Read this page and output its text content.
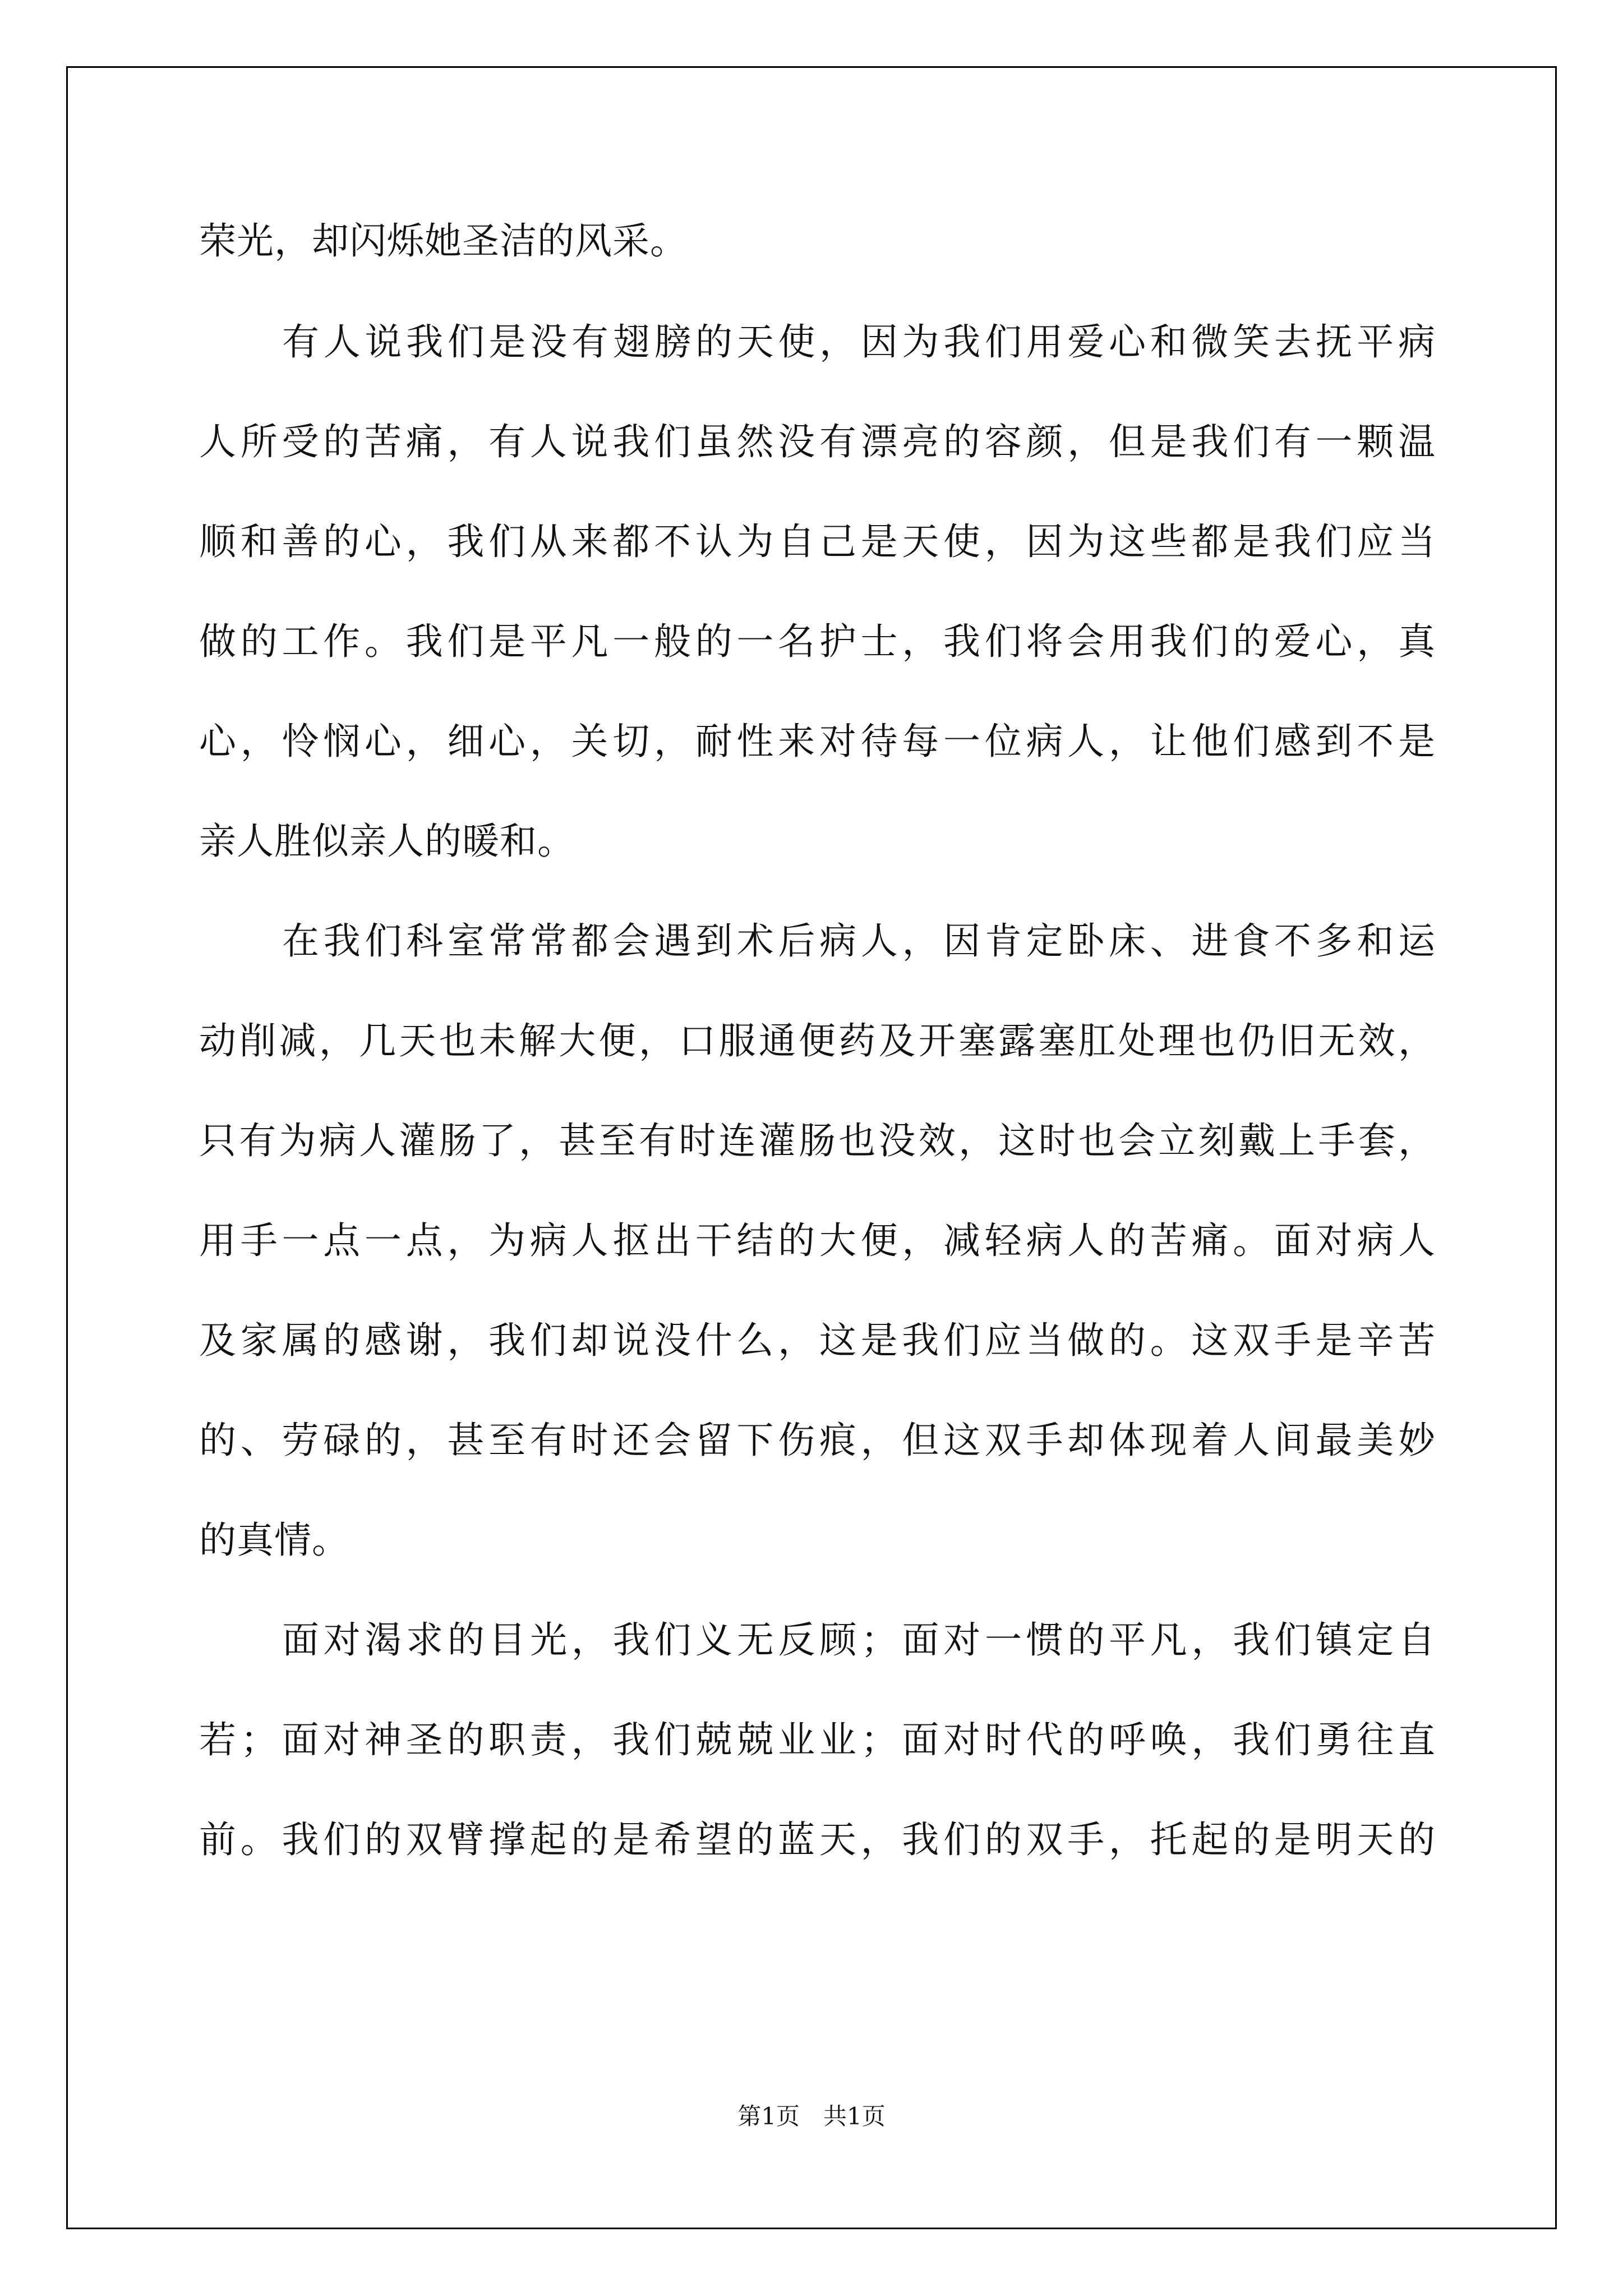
荣光，却闪烁她圣洁的风采。
有人说我们是没有翅膀的天使，因为我们用爱心和微笑去抚平病
人所受的苦痛，有人说我们虽然没有漂亮的容颜，但是我们有一颗温
顺和善的心，我们从来都不认为自己是天使，因为这些都是我们应当
做的工作。我们是平凡一般的一名护士，我们将会用我们的爱心，真
心，怜悯心，细心，关切，耐性来对待每一位病人，让他们感到不是
亲人胜似亲人的暖和。
在我们科室常常都会遇到术后病人，因肯定卧床、进食不多和运
动削减，几天也未解大便，口服通便药及开塞露塞肛处理也仍旧无效，
只有为病人灌肠了，甚至有时连灌肠也没效，这时也会立刻戴上手套，
用手一点一点，为病人抠出干结的大便，减轻病人的苦痛。面对病人
及家属的感谢，我们却说没什么，这是我们应当做的。这双手是辛苦
的、劳碌的，甚至有时还会留下伤痕，但这双手却体现着人间最美妙
的真情。
面对渴求的目光，我们义无反顾；面对一惯的平凡，我们镇定自
若；面对神圣的职责，我们兢兢业业；面对时代的呼唤，我们勇往直
前。我们的双臂撑起的是希望的蓝天，我们的双手，托起的是明天的
第1页　共1页
